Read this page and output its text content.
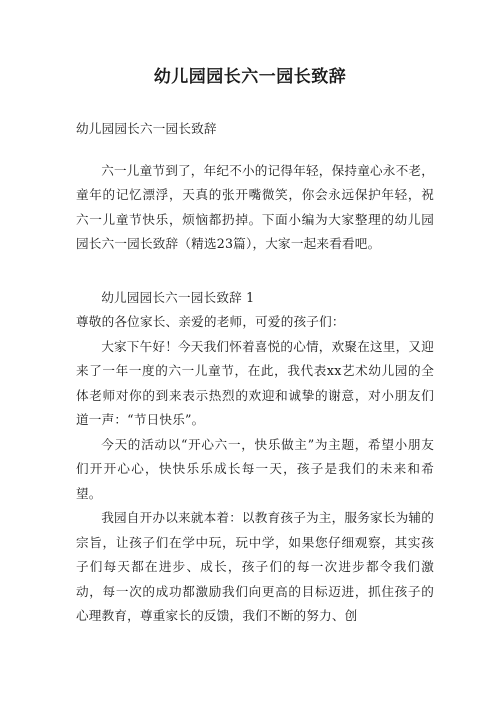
幼儿园园长六一园长致辞

幼儿园园长六一园长致辞

六一儿童节到了，年纪不小的记得年轻，保持童心永不老，童年的记忆漂浮，天真的张开嘴微笑，你会永远保护年轻，祝六一儿童节快乐，烦恼都扔掉。下面小编为大家整理的幼儿园园长六一园长致辞（精选23篇），大家一起来看看吧。

幼儿园园长六一园长致辞 1

尊敬的各位家长、亲爱的老师，可爱的孩子们：

大家下午好！今天我们怀着喜悦的心情，欢聚在这里，又迎来了一年一度的六一儿童节，在此，我代表xx艺术幼儿园的全体老师对你的到来表示热烈的欢迎和诚挚的谢意，对小朋友们道一声：“节日快乐”。

今天的活动以“开心六一，快乐做主”为主题，希望小朋友们开开心心，快快乐乐成长每一天，孩子是我们的未来和希望。

我园自开办以来就本着：以教育孩子为主，服务家长为辅的宗旨，让孩子们在学中玩，玩中学，如果您仔细观察，其实孩子们每天都在进步、成长，孩子们的每一次进步都令我们激动，每一次的成功都激励我们向更高的目标迈进，抓住孩子的心理教育，尊重家长的反馈，我们不断的努力、创
